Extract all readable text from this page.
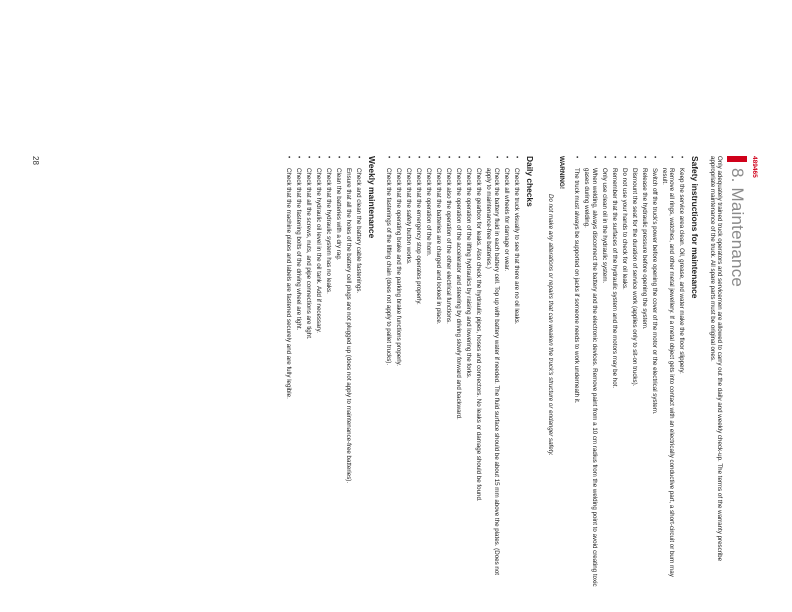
489465
8. Maintenance

Only adequately trained truck operators and servicemen are allowed to carry out the daily and weekly check-up. The terms of the warranty prescribe appropriate maintenance of the truck. All spare parts must be original ones.

Safety instructions for maintenance
•
Keep the service area clean. Oil, grease, and water make the floor slippery.
•
Remove all rings, watches, and other metal jewellery. If a metal object gets into contact with an electrically conductive part, a short-circuit or burn may result.
•
Switch off the truck's power before opening the cover of the motor or the electrical system.
•
Release the hydraulic pressure before opening the system.
•
Dismount the seat for the duration of service work (applies only to sit-on trucks).
•
Do not use your hands to check for oil leaks.
•
Remember that the surfaces of the hydraulic system and the motors may be hot.
•
Only use clean oil in the hydraulic system.
•
When welding, always disconnect the battery and the electronic devices. Remove paint from a 10 cm radius from the welding point to avoid creating toxic gases during welding.
•
The truck must always be supported on jacks if someone needs to work underneath it.
WARNING!
Do not make any alterations or repairs that can weaken the truck's structure or endanger safety.
Daily checks
•
Check the truck visually to see that there are no oil leaks.
•
Check all wheels for damage or wear.
•
Check the battery fluid in each battery cell. Top up with battery water if needed. The fluid surface should be about 15 mm above the plates. (Does not apply to maintenance-free batteries.)
•
Check the gearbox for leaks. Also check the hydraulic pipes, hoses and connectors. No leaks or damage should be found.
•
Check the operation of the lifting hydraulics by raising and lowering the forks.
•
Check the operation of the accelerator and steering by driving slowly forward and backward.
•
Check also the operation of the other electrical functions.
•
Check that the batteries are charged and locked in place.
•
Check the operation of the horn.
•
Check that the emergency stop operates properly.
•
Check that the safety button works.
•
Check that the operating brake and the parking brake functions properly.
•
Check the fastenings of the lifting chain (does not apply to pallet trucks).
Weekly maintenance
•
Check and clean the battery cable fastenings.
•
Ensure that all the holes of the battery cell plugs are not plugged up (does not apply to maintenance-free batteries).
•
Clean the batteries with a dry rag.
•
Check that the hydraulic system has no leaks.
•
Check the hydraulic oil level in the oil tank. Add if necessary.
•
Check that all the screws, nuts, and pipe connections are tight.
•
Check that the fastening bolts of the driving wheel are tight.
•
Check that the machine plates and labels are fastened securely and are fully legible.
28
